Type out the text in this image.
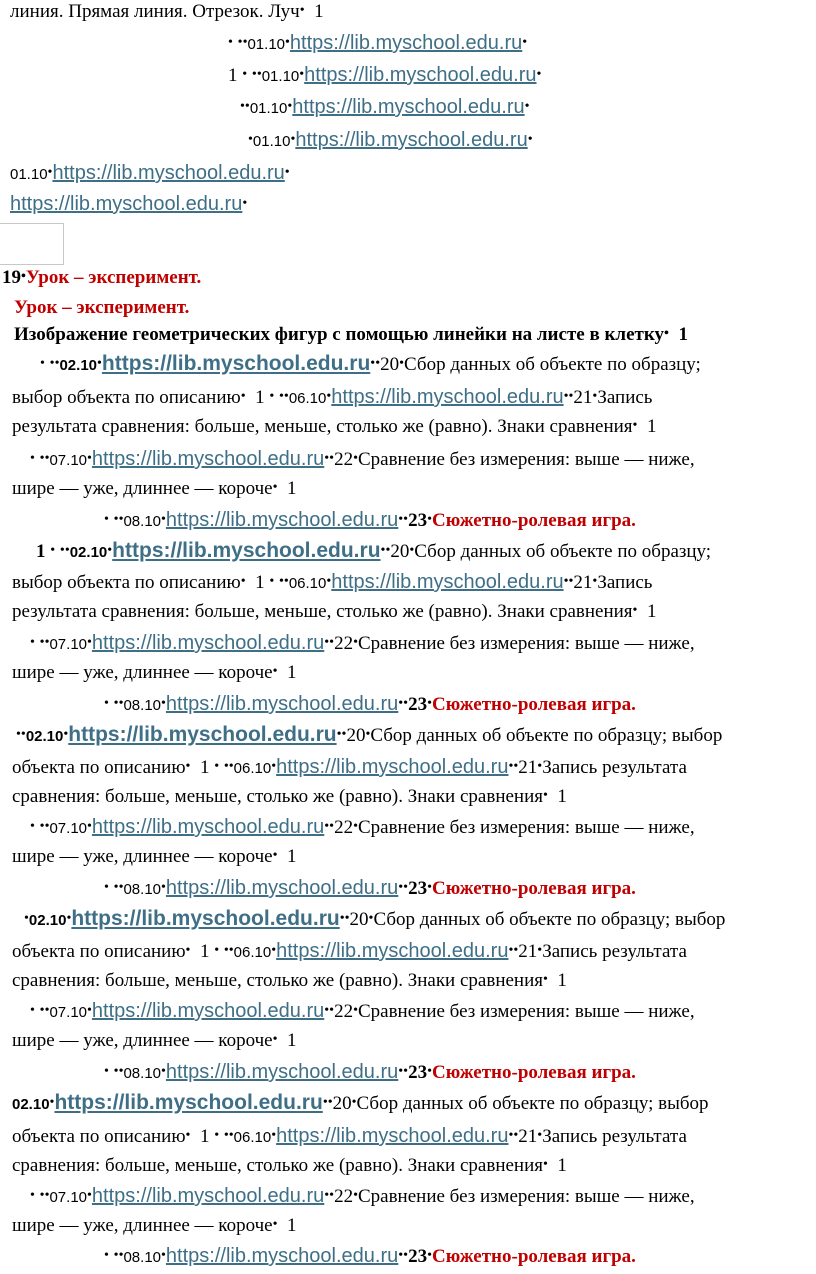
линия. Прямая линия. Отрезок. Луч• 1
• ••01.10•https://lib.myschool.edu.ru•
1 • ••01.10•https://lib.myschool.edu.ru•
••01.10•https://lib.myschool.edu.ru•
•01.10•https://lib.myschool.edu.ru•
01.10•https://lib.myschool.edu.ru•
https://lib.myschool.edu.ru•
19•Урок – эксперимент.
Урок – эксперимент.
Изображение геометрических фигур с помощью линейки на листе в клетку• 1
• ••02.10•https://lib.myschool.edu.ru••20•Сбор данных об объекте по образцу;
выбор объекта по описанию• 1 • ••06.10•https://lib.myschool.edu.ru••21•Запись
результата сравнения: больше, меньше, столько же (равно). Знаки сравнения• 1
• ••07.10•https://lib.myschool.edu.ru••22•Сравнение без измерения: выше — ниже,
шире — уже, длиннее — короче• 1
• ••08.10•https://lib.myschool.edu.ru••23•Сюжетно-ролевая игра.
1 • ••02.10•https://lib.myschool.edu.ru••20•Сбор данных об объекте по образцу;
выбор объекта по описанию• 1 • ••06.10•https://lib.myschool.edu.ru••21•Запись
результата сравнения: больше, меньше, столько же (равно). Знаки сравнения• 1
• ••07.10•https://lib.myschool.edu.ru••22•Сравнение без измерения: выше — ниже,
шире — уже, длиннее — короче• 1
• ••08.10•https://lib.myschool.edu.ru••23•Сюжетно-ролевая игра.
••02.10•https://lib.myschool.edu.ru••20•Сбор данных об объекте по образцу; выбор
объекта по описанию• 1 • ••06.10•https://lib.myschool.edu.ru••21•Запись результата
сравнения: больше, меньше, столько же (равно). Знаки сравнения• 1
• ••07.10•https://lib.myschool.edu.ru••22•Сравнение без измерения: выше — ниже,
шире — уже, длиннее — короче• 1
• ••08.10•https://lib.myschool.edu.ru••23•Сюжетно-ролевая игра.
•02.10•https://lib.myschool.edu.ru••20•Сбор данных об объекте по образцу; выбор
объекта по описанию• 1 • ••06.10•https://lib.myschool.edu.ru••21•Запись результата
сравнения: больше, меньше, столько же (равно). Знаки сравнения• 1
• ••07.10•https://lib.myschool.edu.ru••22•Сравнение без измерения: выше — ниже,
шире — уже, длиннее — короче• 1
• ••08.10•https://lib.myschool.edu.ru••23•Сюжетно-ролевая игра.
02.10•https://lib.myschool.edu.ru••20•Сбор данных об объекте по образцу; выбор
объекта по описанию• 1 • ••06.10•https://lib.myschool.edu.ru••21•Запись результата
сравнения: больше, меньше, столько же (равно). Знаки сравнения• 1
• ••07.10•https://lib.myschool.edu.ru••22•Сравнение без измерения: выше — ниже,
шире — уже, длиннее — короче• 1
• ••08.10•https://lib.myschool.edu.ru••23•Сюжетно-ролевая игра.
